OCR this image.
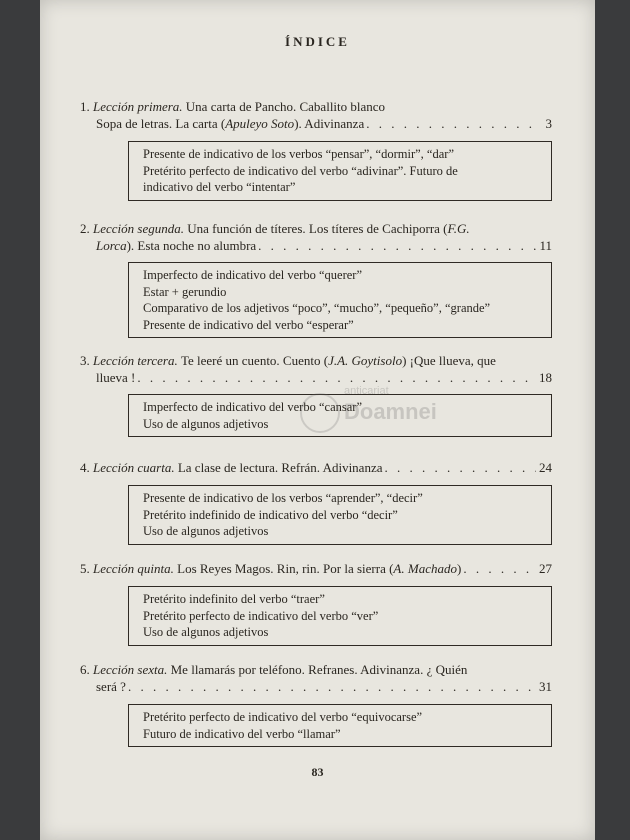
ÍNDICE
1.
Lección primera.
Una carta de Pancho. Caballito blanco
Sopa de letras. La carta ( Apuleyo Soto ). Adivinanza . . .	3
Presente de indicativo de los verbos “pensar”, “dormir”, “dar”
Pretérito perfecto de indicativo del verbo “adivinar”. Futuro de
indicativo del verbo “intentar”
2.
Lección segunda.
Una función de títeres. Los títeres de Cachiporra ( F.G.
Lorca ). Esta noche no alumbra . . .	11
Imperfecto de indicativo del verbo “querer”
Estar + gerundio
Comparativo de los adjetivos “poco”, “mucho”, “pequeño”, “grande”
Presente de indicativo del verbo “esperar”
3.
Lección tercera.
Te leeré un cuento. Cuento ( J.A. Goytisolo ) ¡Que llueva, que
llueva ! . . .	18
Imperfecto de indicativo del verbo “cansar”
Uso de algunos adjetivos
4.
Lección cuarta.
La clase de lectura. Refrán. Adivinanza . . .	24
Presente de indicativo de los verbos “aprender”, “decir”
Pretérito indefinido de indicativo del verbo “decir”
Uso de algunos adjetivos
5.
Lección quinta.
Los Reyes Magos. Rin, rin. Por la sierra ( A. Machado ) . . .	27
Pretérito indefinito del verbo “traer”
Pretérito perfecto de indicativo del verbo “ver”
Uso de algunos adjetivos
6.
Lección sexta.
Me llamarás por teléfono. Refranes. Adivinanza. ¿ Quién
será ? . . .	31
Pretérito perfecto de indicativo del verbo “equivocarse”
Futuro de indicativo del verbo “llamar”
83
anticariat
Doamnei
